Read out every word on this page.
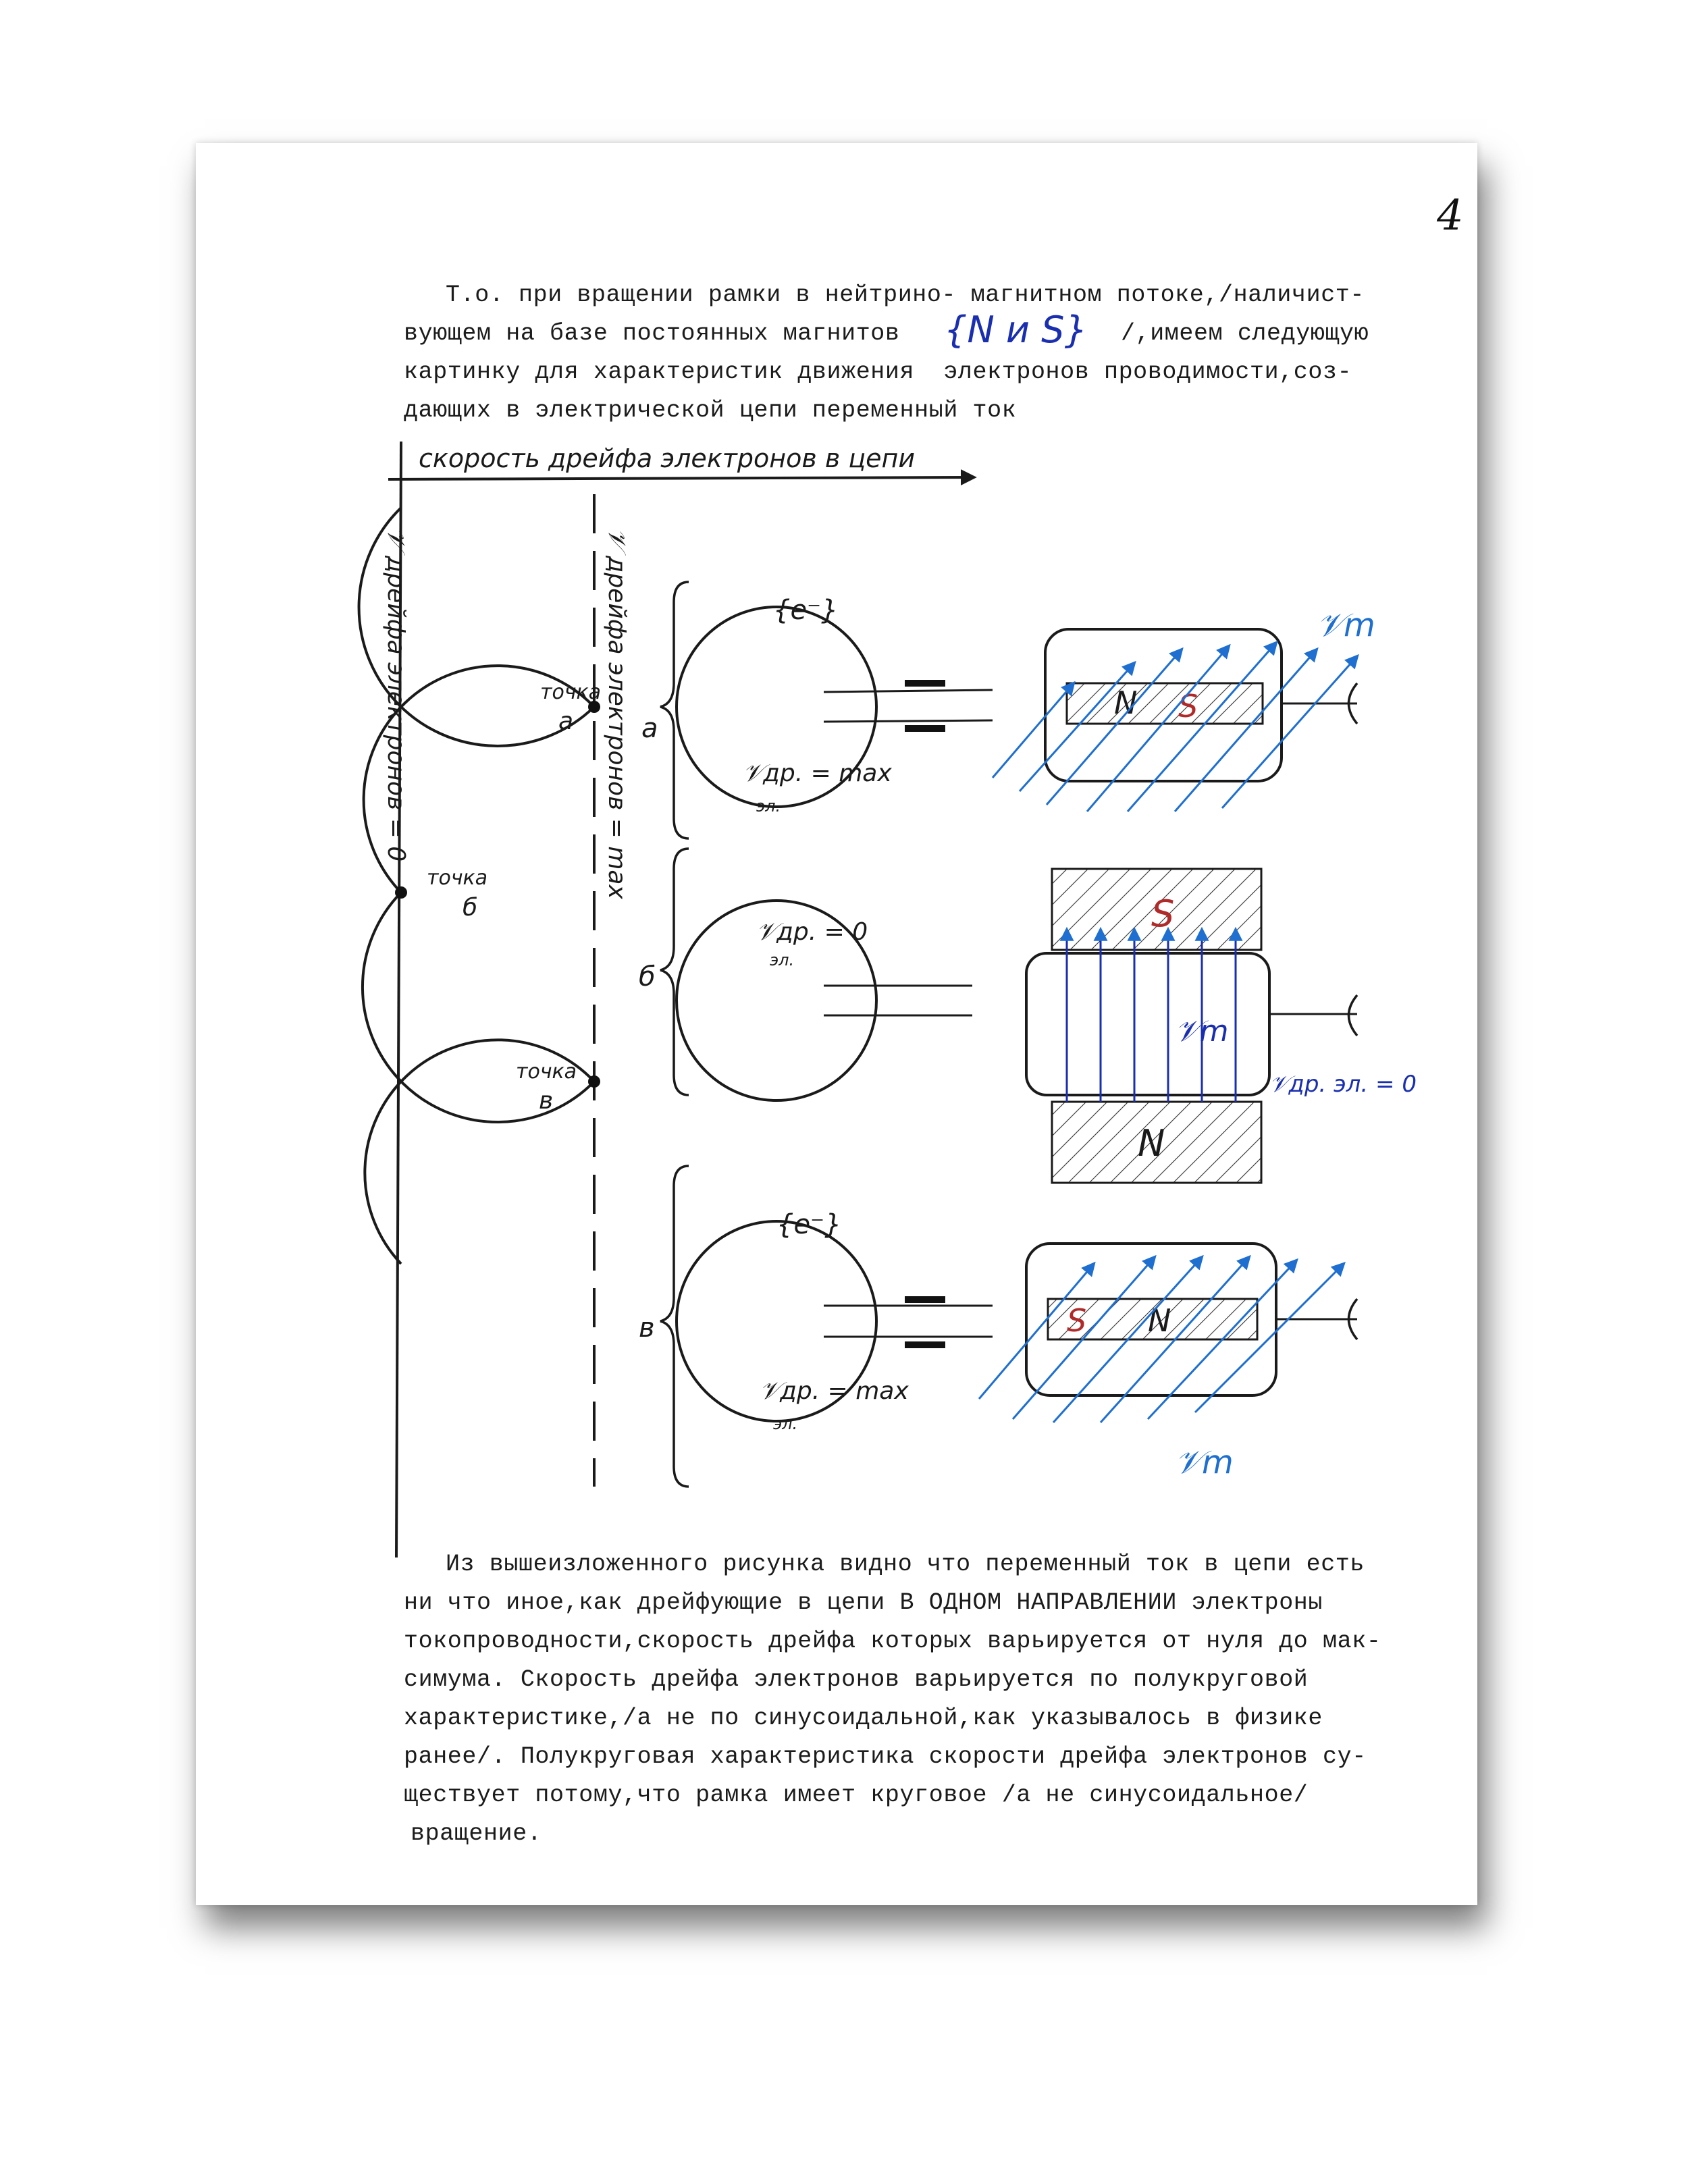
4
Т.о. при вращении рамки в нейтрино- магнитном потоке,/наличист-
вующем на базе постоянных магнитов	/,имеем следующую
картинку для характеристик движения  электронов проводимости,соз-
дающих в электрической цепи переменный ток
Из вышеизложенного рисунка видно что переменный ток в цепи есть
ни что иное,как дрейфующие в цепи В ОДНОМ НАПРАВЛЕНИИ электроны
токопроводности,скорость дрейфа которых варьируется от нуля до мак-
симума. Скорость дрейфа электронов варьируется по полукруговой
характеристике,/а не по синусоидальной,как указывалось в физике
ранее/. Полукруговая характеристика скорости дрейфа электронов су-
ществует потому,что рамка имеет круговое /а не синусоидальное/
вращение.
{N и S}
скорость дрейфа электронов в цепи
𝒱 дрейфа электронов = 0	𝒱 дрейфа электронов = max
точка
а
точка
б
точка
в
а
б
в
{e⁻}
𝒱др. = max
эл.
N S
𝒱m
𝒱др. = 0
эл.
S
N
𝒱m
𝒱др. эл. = 0
{e⁻}
𝒱др. = max
эл.
S N
𝒱m
